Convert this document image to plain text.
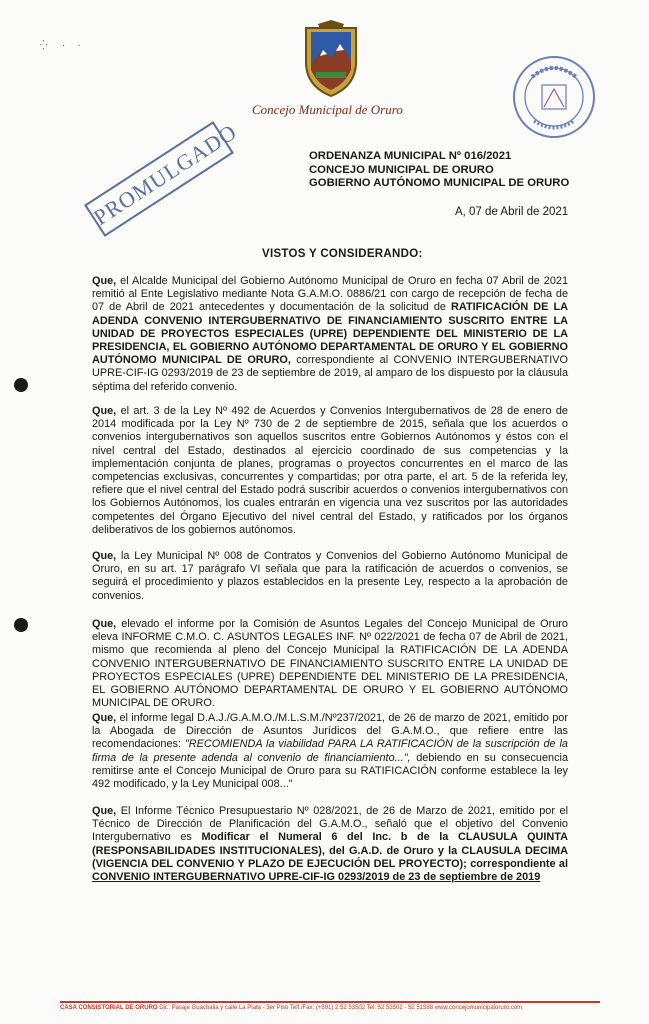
⁛      ·     ·
Concejo Municipal de Oruro
PROMULGADO	ORDENANZA MUNICIPAL Nº 016/2021
CONCEJO MUNICIPAL DE ORURO
GOBIERNO AUTÓNOMO MUNICIPAL DE ORURO
A, 07 de Abril de 2021
VISTOS Y CONSIDERANDO:
Que, el Alcalde Municipal del Gobierno Autónomo Municipal de Oruro en fecha 07 Abril de 2021 remitió al Ente Legislativo mediante Nota G.A.M.O. 0886/21 con cargo de recepción de fecha de 07 de Abril de 2021 antecedentes y documentación de la solicitud de RATIFICACIÓN DE LA ADENDA CONVENIO INTERGUBERNATIVO DE FINANCIAMIENTO SUSCRITO ENTRE LA UNIDAD DE PROYECTOS ESPECIALES (UPRE) DEPENDIENTE DEL MINISTERIO DE LA PRESIDENCIA, EL GOBIERNO AUTÓNOMO DEPARTAMENTAL DE ORURO Y EL GOBIERNO AUTÓNOMO MUNICIPAL DE ORURO, correspondiente al CONVENIO INTERGUBERNATIVO UPRE-CIF-IG 0293/2019 de 23 de septiembre de 2019, al amparo de los dispuesto por la cláusula séptima del referido convenio.
Que, el art. 3 de la Ley Nº 492 de Acuerdos y Convenios Intergubernativos de 28 de enero de 2014 modificada por la Ley Nº 730 de 2 de septiembre de 2015, señala que los acuerdos o convenios intergubernativos son aquellos suscritos entre Gobiernos Autónomos y éstos con el nivel central del Estado, destinados al ejercicio coordinado de sus competencias y la implementación conjunta de planes, programas o proyectos concurrentes en el marco de las competencias exclusivas, concurrentes y compartidas; por otra parte, el art. 5 de la referida ley, refiere que el nivel central del Estado podrá suscribir acuerdos o convenios intergubernativos con los Gobiernos Autónomos, los cuales entrarán en vigencia una vez suscritos por las autoridades competentes del Órgano Ejecutivo del nivel central del Estado, y ratificados por los órganos deliberativos de los gobiernos autónomos.
Que, la Ley Municipal Nº 008 de Contratos y Convenios del Gobierno Autónomo Municipal de Oruro, en su art. 17 parágrafo VI señala que para la ratificación de acuerdos o convenios, se seguirá el procedimiento y plazos establecidos en la presente Ley, respecto a la aprobación de convenios.
Que, elevado el informe por la Comisión de Asuntos Legales del Concejo Municipal de Oruro eleva INFORME C.M.O. C. ASUNTOS LEGALES INF. Nº 022/2021 de fecha 07 de Abril de 2021, mismo que recomienda al pleno del Concejo Municipal la RATIFICACIÓN DE LA ADENDA CONVENIO INTERGUBERNATIVO DE FINANCIAMIENTO SUSCRITO ENTRE LA UNIDAD DE PROYECTOS ESPECIALES (UPRE) DEPENDIENTE DEL MINISTERIO DE LA PRESIDENCIA, EL GOBIERNO AUTÓNOMO DEPARTAMENTAL DE ORURO Y EL GOBIERNO AUTÓNOMO MUNICIPAL DE ORURO.
Que, el informe legal D.A.J./G.A.M.O./M.L.S.M./Nº237/2021, de 26 de marzo de 2021, emitido por la Abogada de Dirección de Asuntos Jurídicos del G.A.M.O., que refiere entre las recomendaciones: "RECOMIENDA la viabilidad PARA LA RATIFICACIÓN de la suscripción de la firma de la presente adenda al convenio de financiamiento...", debiendo en su consecuencia remitirse ante el Concejo Municipal de Oruro para su RATIFICACIÓN conforme establece la ley 492 modificado, y la Ley Municipal 008..."
Que, El Informe Técnico Presupuestario Nº 028/2021, de 26 de Marzo de 2021, emitido por el Técnico de Dirección de Planificación del G.A.M.O., señaló que el objetivo del Convenio Intergubernativo es Modificar el Numeral 6 del Inc. b de la CLAUSULA QUINTA (RESPONSABILIDADES INSTITUCIONALES), del G.A.D. de Oruro y la CLAUSULA DECIMA (VIGENCIA DEL CONVENIO Y PLAZO DE EJECUCIÓN DEL PROYECTO); correspondiente al CONVENIO INTERGUBERNATIVO UPRE-CIF-IG 0293/2019 de 23 de septiembre de 2019
CASA CONSISTORIAL DE ORURO Dir.: Pasaje Guachalla y calle La Plata - 3er Piso Telf./Fax: (+591) 2 52 53502 Tel: 52 53502 - 52 51588 www.concejomunicipaloruro.com
